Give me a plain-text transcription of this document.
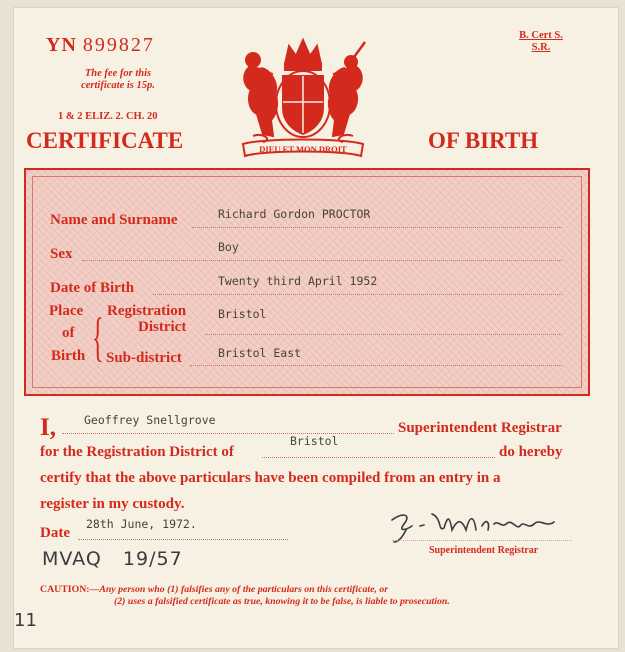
YN 899827
The fee for this
certificate is 15p.
1 & 2 ELIZ. 2. CH. 20
B. Cert S.
S.R.
DIEU ET MON DROIT
CERTIFICATE	OF BIRTH
Name and Surname	Richard Gordon PROCTOR
Sex	Boy
Date of Birth	Twenty third April 1952
Place
of
Birth { Registration
District
Bristol
Sub-district	Bristol East
I, Geoffrey Snellgrove	Superintendent Registrar
for the Registration District of
Bristol
do hereby
certify that the above particulars have been compiled from an entry in a
register in my custody.
Date
28th June, 1972.
Superintendent Registrar
MVAQ   19/57
11
CAUTION:—Any person who (1) falsifies any of the particulars on this certificate, or
(2) uses a falsified certificate as true, knowing it to be false, is liable to prosecution.
